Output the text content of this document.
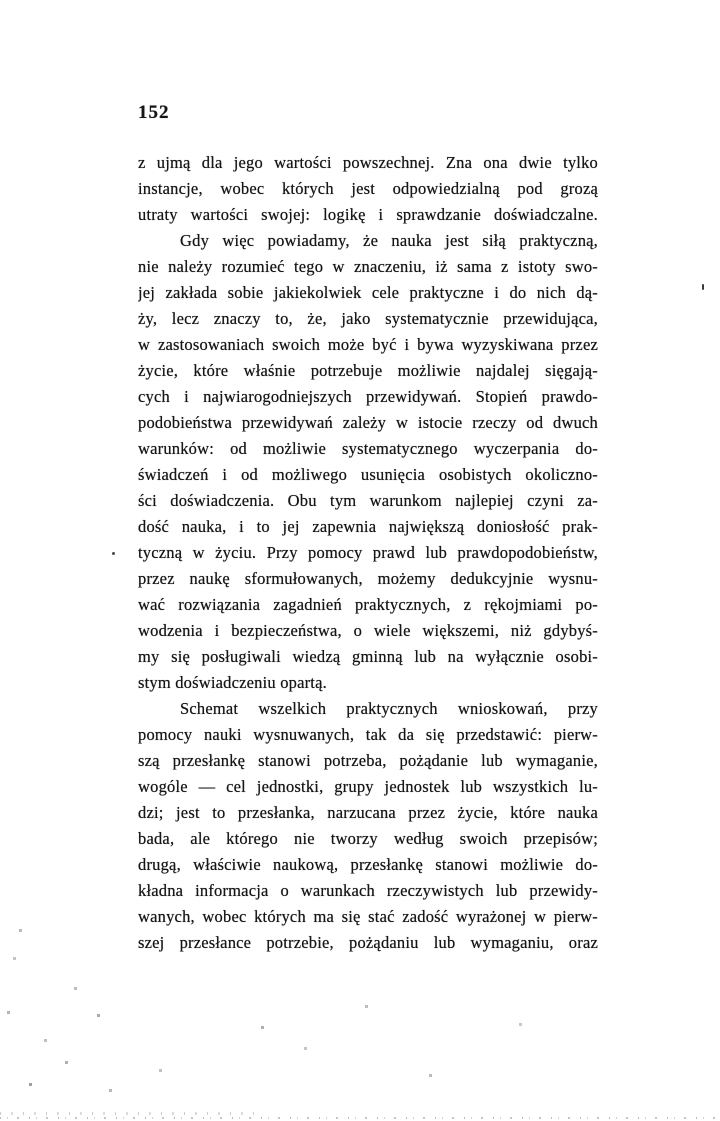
152
z ujmą dla jego wartości powszechnej. Zna ona dwie tylko
instancje, wobec których jest odpowiedzialną pod grozą
utraty wartości swojej: logikę i sprawdzanie doświadczalne.
Gdy więc powiadamy, że nauka jest siłą praktyczną,
nie należy rozumieć tego w znaczeniu, iż sama z istoty swo-
jej zakłada sobie jakiekolwiek cele praktyczne i do nich dą-
ży, lecz znaczy to, że, jako systematycznie przewidująca,
w zastosowaniach swoich może być i bywa wyzyskiwana przez
życie, które właśnie potrzebuje możliwie najdalej sięgają-
cych i najwiarogodniejszych przewidywań. Stopień prawdo-
podobieństwa przewidywań zależy w istocie rzeczy od dwuch
warunków: od możliwie systematycznego wyczerpania do-
świadczeń i od możliwego usunięcia osobistych okoliczno-
ści doświadczenia. Obu tym warunkom najlepiej czyni za-
dość nauka, i to jej zapewnia największą doniosłość prak-
tyczną w życiu. Przy pomocy prawd lub prawdopodobieństw,
przez naukę sformułowanych, możemy dedukcyjnie wysnu-
wać rozwiązania zagadnień praktycznych, z rękojmiami po-
wodzenia i bezpieczeństwa, o wiele większemi, niż gdybyś-
my się posługiwali wiedzą gminną lub na wyłącznie osobi-
stym doświadczeniu opartą.
Schemat wszelkich praktycznych wnioskowań, przy
pomocy nauki wysnuwanych, tak da się przedstawić: pierw-
szą przesłankę stanowi potrzeba, pożądanie lub wymaganie,
wogóle — cel jednostki, grupy jednostek lub wszystkich lu-
dzi; jest to przesłanka, narzucana przez życie, które nauka
bada, ale którego nie tworzy według swoich przepisów;
drugą, właściwie naukową, przesłankę stanowi możliwie do-
kładna informacja o warunkach rzeczywistych lub przewidy-
wanych, wobec których ma się stać zadość wyrażonej w pierw-
szej przesłance potrzebie, pożądaniu lub wymaganiu, oraz
